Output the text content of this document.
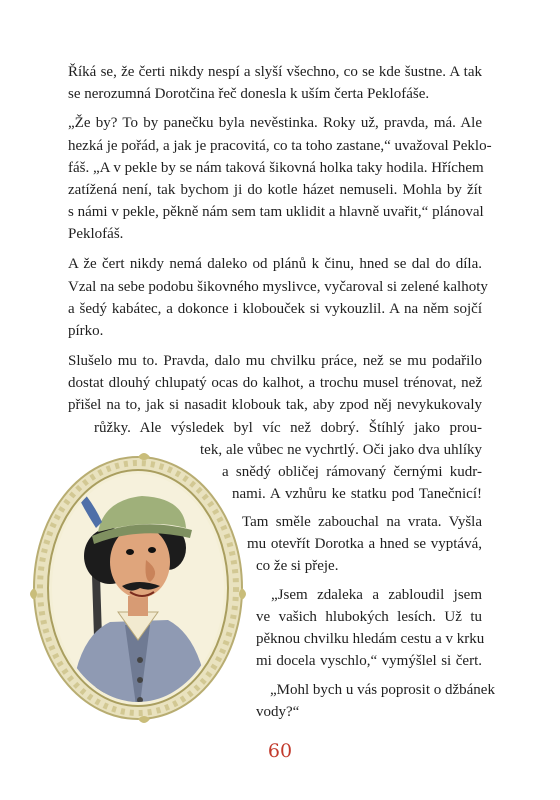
Říká se, že čerti nikdy nespí a slyší všechno, co se kde šustne. A tak
se nerozumná Dorotčina řeč donesla k uším čerta Peklofáše.
„Že by? To by panečku byla nevěstinka. Roky už, pravda, má. Ale
hezká je pořád, a jak je pracovitá, co ta toho zastane,“ uvažoval Peklo-
fáš. „A v pekle by se nám taková šikovná holka taky hodila. Hříchem
zatížená není, tak bychom ji do kotle házet nemuseli. Mohla by žít
s námi v pekle, pěkně nám sem tam uklidit a hlavně uvařit,“ plánoval
Peklofáš.
A že čert nikdy nemá daleko od plánů k činu, hned se dal do díla.
Vzal na sebe podobu šikovného myslivce, vyčaroval si zelené kalhoty
a šedý kabátec, a dokonce i klobouček si vykouzlil. A na něm sojčí
pírko.
Slušelo mu to. Pravda, dalo mu chvilku práce, než se mu podařilo
dostat dlouhý chlupatý ocas do kalhot, a trochu musel trénovat, než
přišel na to, jak si nasadit klobouk tak, aby zpod něj nevykukovaly
růžky. Ale výsledek byl víc než dobrý. Štíhlý jako prou-
tek, ale vůbec ne vychrtlý. Oči jako dva uhlíky
a snědý obličej rámovaný černými kudr-
nami. A vzhůru ke statku pod Tanečnicí!
Tam směle zabouchal na vrata. Vyšla
mu otevřít Dorotka a hned se vyptává,
co že si přeje.
„Jsem zdaleka a zabloudil jsem
ve vašich hlubokých lesích. Už tu
pěknou chvilku hledám cestu a v krku
mi docela vyschlo,“ vymýšlel si čert.
„Mohl bych u vás poprosit o džbánek
vody?“
60
